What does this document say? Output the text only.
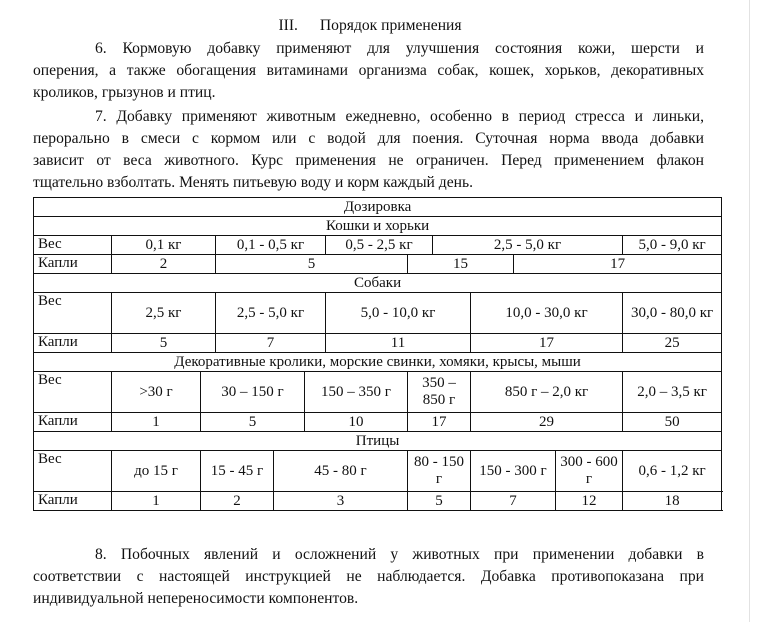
III. Порядок применения
6. Кормовую добавку применяют для улучшения состояния кожи, шерсти и
оперения, а также обогащения витаминами организма собак, кошек, хорьков, декоративных
кроликов, грызунов и птиц.
7. Добавку применяют животным ежедневно, особенно в период стресса и линьки,
перорально в смеси с кормом или с водой для поения. Суточная норма ввода добавки
зависит от веса животного. Курс применения не ограничен. Перед применением флакон
тщательно взболтать. Менять питьевую воду и корм каждый день.
Дозировка													
Кошки и хорьки													
Вес	0,1 кг		0,1 - 0,5 кг			0,5 - 2,5 кг		2,5 - 5,0 кг				5,0 - 9,0 кг	
Капли	2		5				15			17	
Собаки													
Вес	2,5 кг		2,5 - 5,0 кг			5,0 - 10,0 кг			10,0 - 30,0 кг			30,0 - 80,0 кг	
Капли	5		7			11			17			25	
Декоративные кролики, морские свинки, хомяки, крысы, мыши													
Вес	>30 г	30 – 150 г			150 – 350 г		350 – 850 г		850 г – 2,0 кг			2,0 – 3,5 кг	
Капли	1	5			10		17		29			50	
Птицы													
Вес	до 15 г	15 - 45 г		45 - 80 г			80 - 150 г		150 - 300 г		300 - 600 г	0,6 - 1,2 кг	
Капли	1	2		3			5		7		12	18	
8. Побочных явлений и осложнений у животных при применении добавки в
соответствии с настоящей инструкцией не наблюдается. Добавка противопоказана при
индивидуальной непереносимости компонентов.
